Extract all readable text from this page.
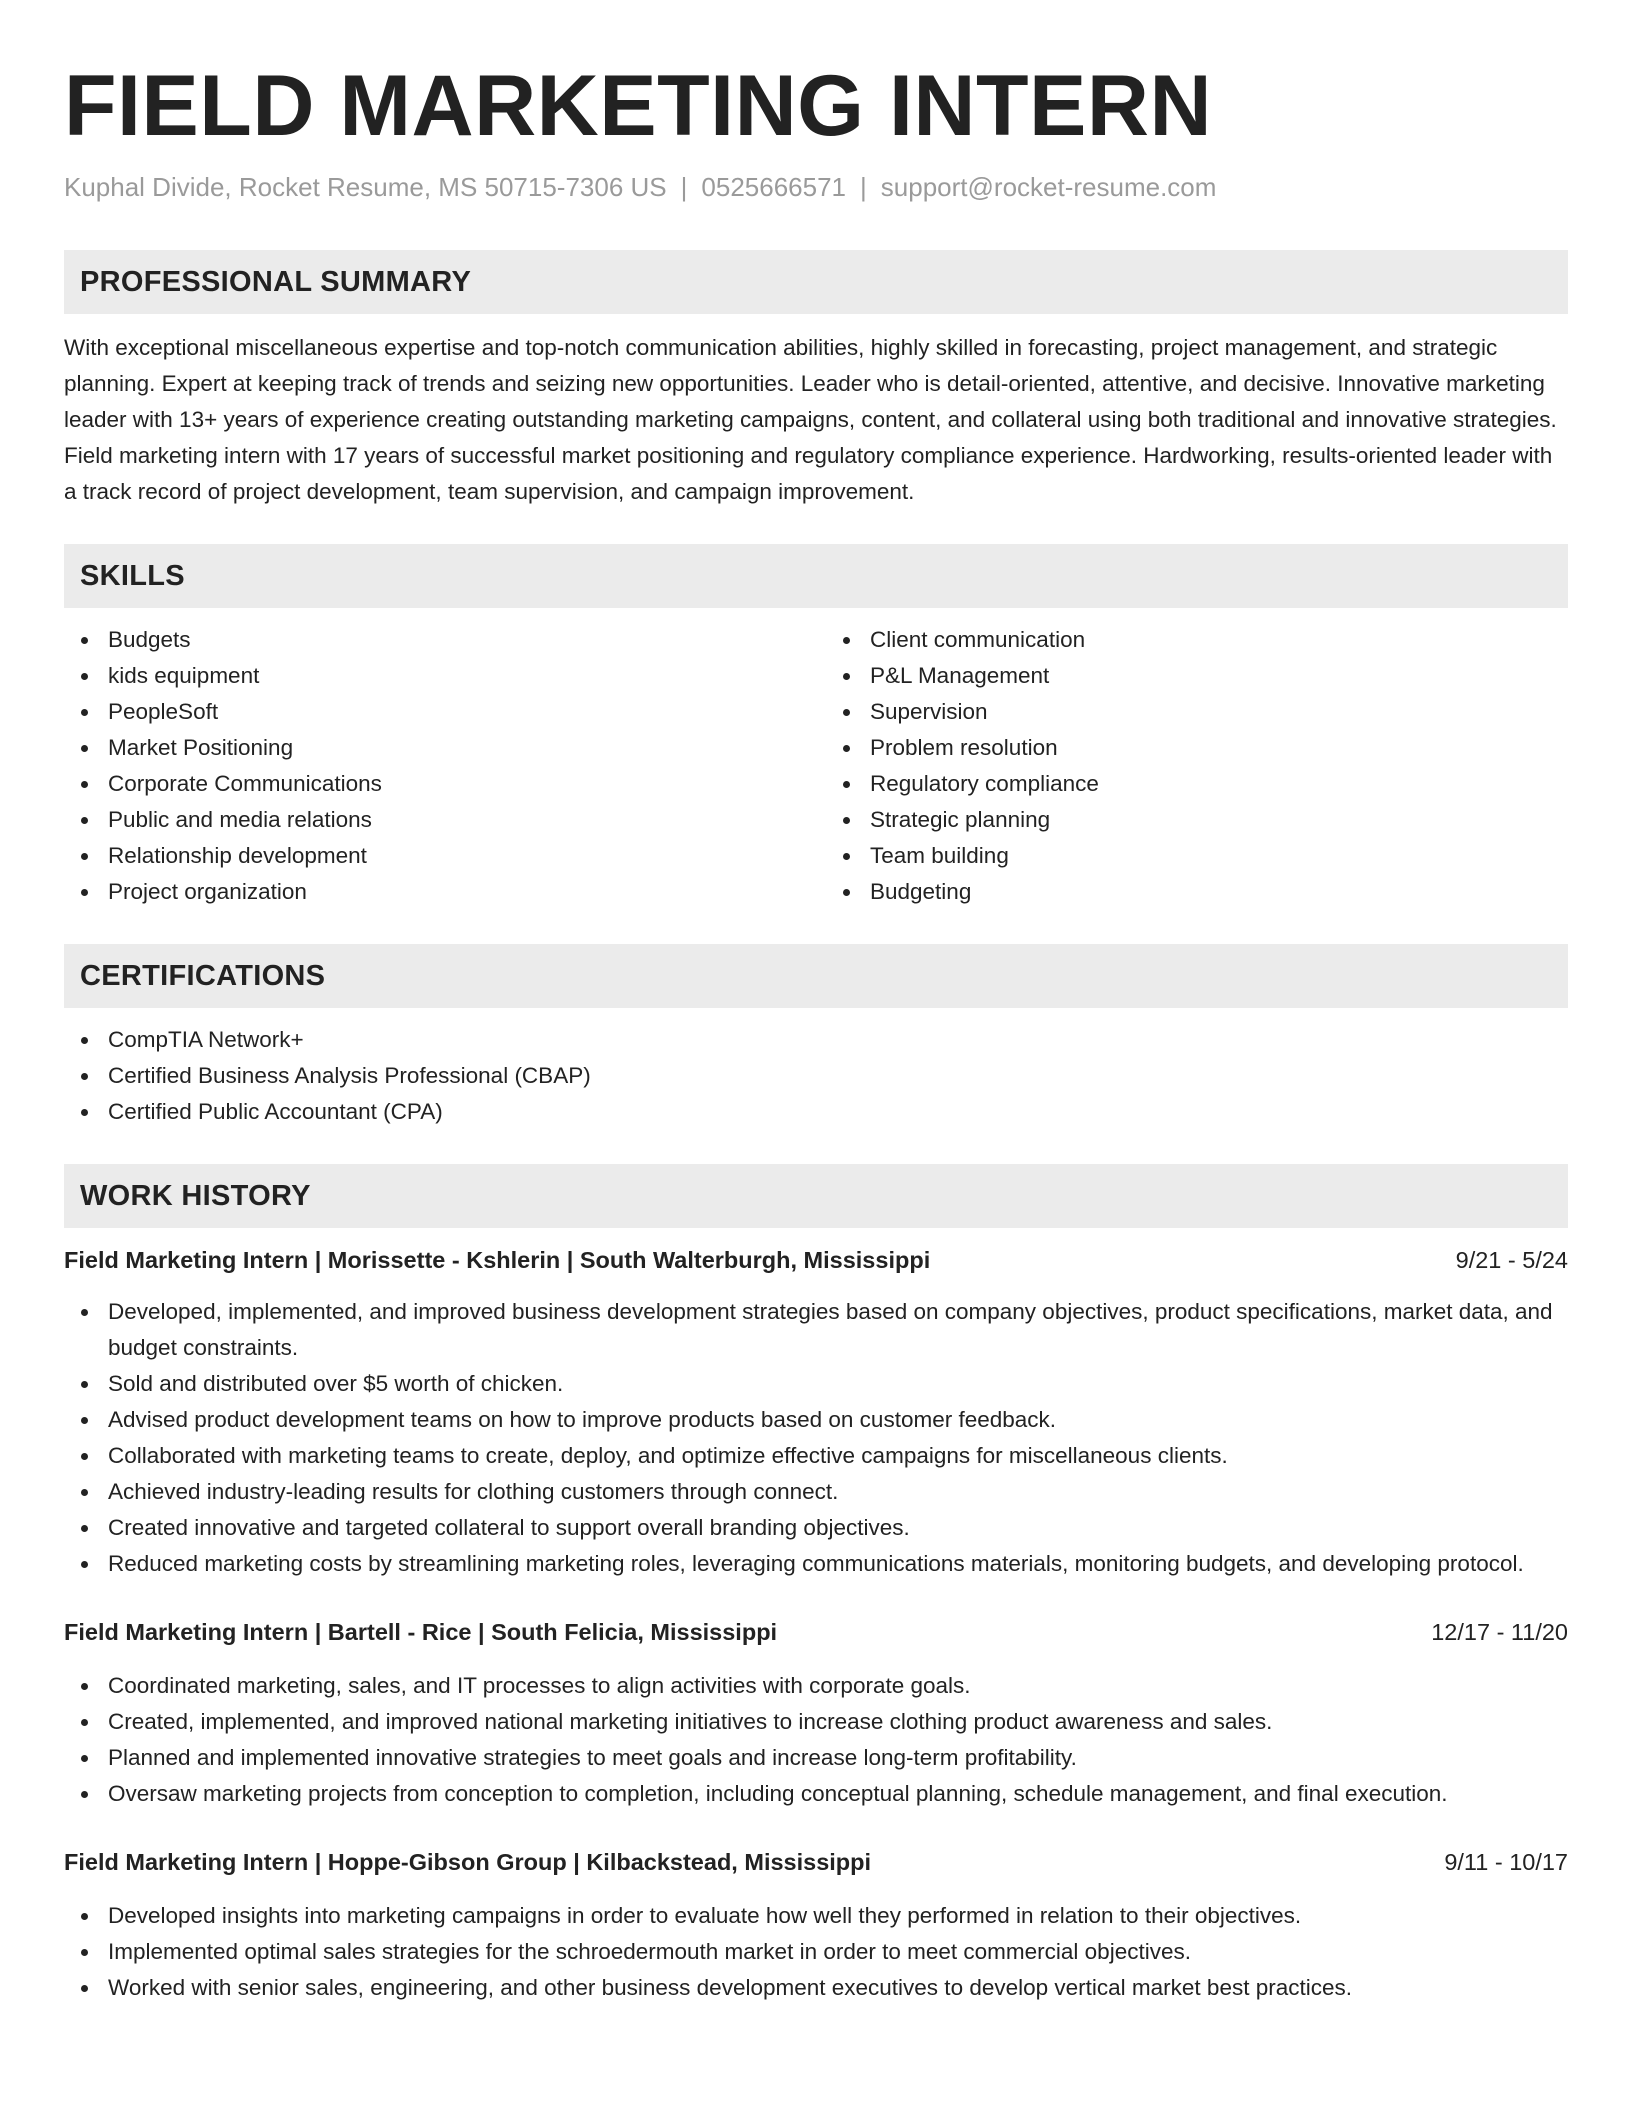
FIELD MARKETING INTERN
Kuphal Divide, Rocket Resume, MS 50715-7306 US | 0525666571 | support@rocket-resume.com
PROFESSIONAL SUMMARY
With exceptional miscellaneous expertise and top-notch communication abilities, highly skilled in forecasting, project management, and strategic planning. Expert at keeping track of trends and seizing new opportunities. Leader who is detail-oriented, attentive, and decisive. Innovative marketing leader with 13+ years of experience creating outstanding marketing campaigns, content, and collateral using both traditional and innovative strategies. Field marketing intern with 17 years of successful market positioning and regulatory compliance experience. Hardworking, results-oriented leader with a track record of project development, team supervision, and campaign improvement.
SKILLS
Budgets
kids equipment
PeopleSoft
Market Positioning
Corporate Communications
Public and media relations
Relationship development
Project organization
Client communication
P&L Management
Supervision
Problem resolution
Regulatory compliance
Strategic planning
Team building
Budgeting
CERTIFICATIONS
CompTIA Network+
Certified Business Analysis Professional (CBAP)
Certified Public Accountant (CPA)
WORK HISTORY
Field Marketing Intern | Morissette - Kshlerin | South Walterburgh, Mississippi	9/21 - 5/24
Developed, implemented, and improved business development strategies based on company objectives, product specifications, market data, and budget constraints.
Sold and distributed over $5 worth of chicken.
Advised product development teams on how to improve products based on customer feedback.
Collaborated with marketing teams to create, deploy, and optimize effective campaigns for miscellaneous clients.
Achieved industry-leading results for clothing customers through connect.
Created innovative and targeted collateral to support overall branding objectives.
Reduced marketing costs by streamlining marketing roles, leveraging communications materials, monitoring budgets, and developing protocol.
Field Marketing Intern | Bartell - Rice | South Felicia, Mississippi	12/17 - 11/20
Coordinated marketing, sales, and IT processes to align activities with corporate goals.
Created, implemented, and improved national marketing initiatives to increase clothing product awareness and sales.
Planned and implemented innovative strategies to meet goals and increase long-term profitability.
Oversaw marketing projects from conception to completion, including conceptual planning, schedule management, and final execution.
Field Marketing Intern | Hoppe-Gibson Group | Kilbackstead, Mississippi	9/11 - 10/17
Developed insights into marketing campaigns in order to evaluate how well they performed in relation to their objectives.
Implemented optimal sales strategies for the schroedermouth market in order to meet commercial objectives.
Worked with senior sales, engineering, and other business development executives to develop vertical market best practices.
